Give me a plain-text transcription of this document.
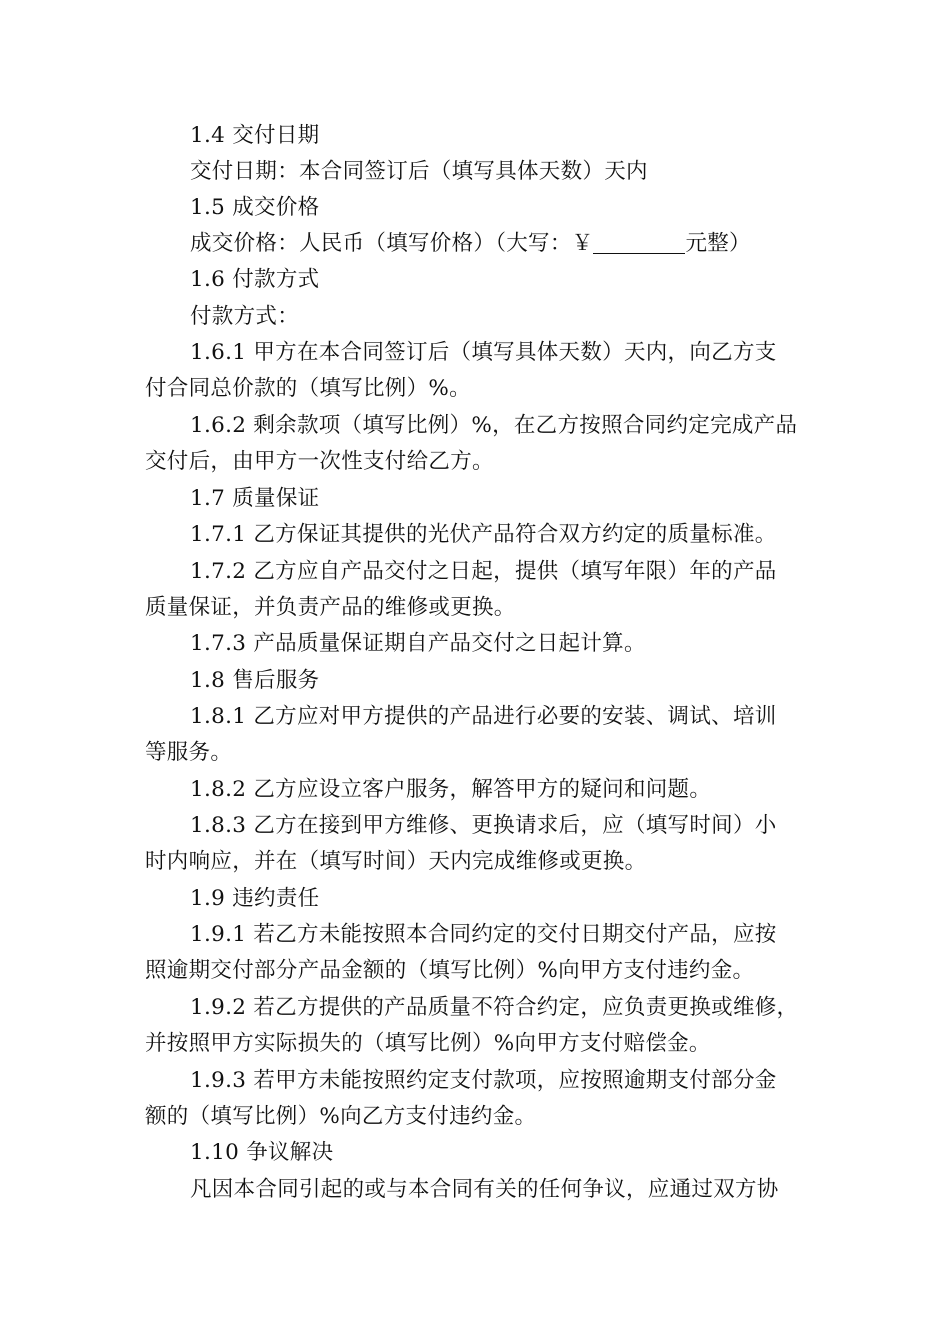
1.4 交付日期
交付日期：本合同签订后（填写具体天数）天内
1.5 成交价格
成交价格：人民币（填写价格）（大写：￥	元整）
1.6 付款方式
付款方式：
1.6.1 甲方在本合同签订后（填写具体天数）天内，向乙方支
付合同总价款的（填写比例）%。
1.6.2 剩余款项（填写比例）%，在乙方按照合同约定完成产品
交付后，由甲方一次性支付给乙方。
1.7 质量保证
1.7.1 乙方保证其提供的光伏产品符合双方约定的质量标准。
1.7.2 乙方应自产品交付之日起，提供（填写年限）年的产品
质量保证，并负责产品的维修或更换。
1.7.3 产品质量保证期自产品交付之日起计算。
1.8 售后服务
1.8.1 乙方应对甲方提供的产品进行必要的安装、调试、培训
等服务。
1.8.2 乙方应设立客户服务，解答甲方的疑问和问题。
1.8.3 乙方在接到甲方维修、更换请求后，应（填写时间）小
时内响应，并在（填写时间）天内完成维修或更换。
1.9 违约责任
1.9.1 若乙方未能按照本合同约定的交付日期交付产品，应按
照逾期交付部分产品金额的（填写比例）%向甲方支付违约金。
1.9.2 若乙方提供的产品质量不符合约定，应负责更换或维修，
并按照甲方实际损失的（填写比例）%向甲方支付赔偿金。
1.9.3 若甲方未能按照约定支付款项，应按照逾期支付部分金
额的（填写比例）%向乙方支付违约金。
1.10 争议解决
凡因本合同引起的或与本合同有关的任何争议，应通过双方协
